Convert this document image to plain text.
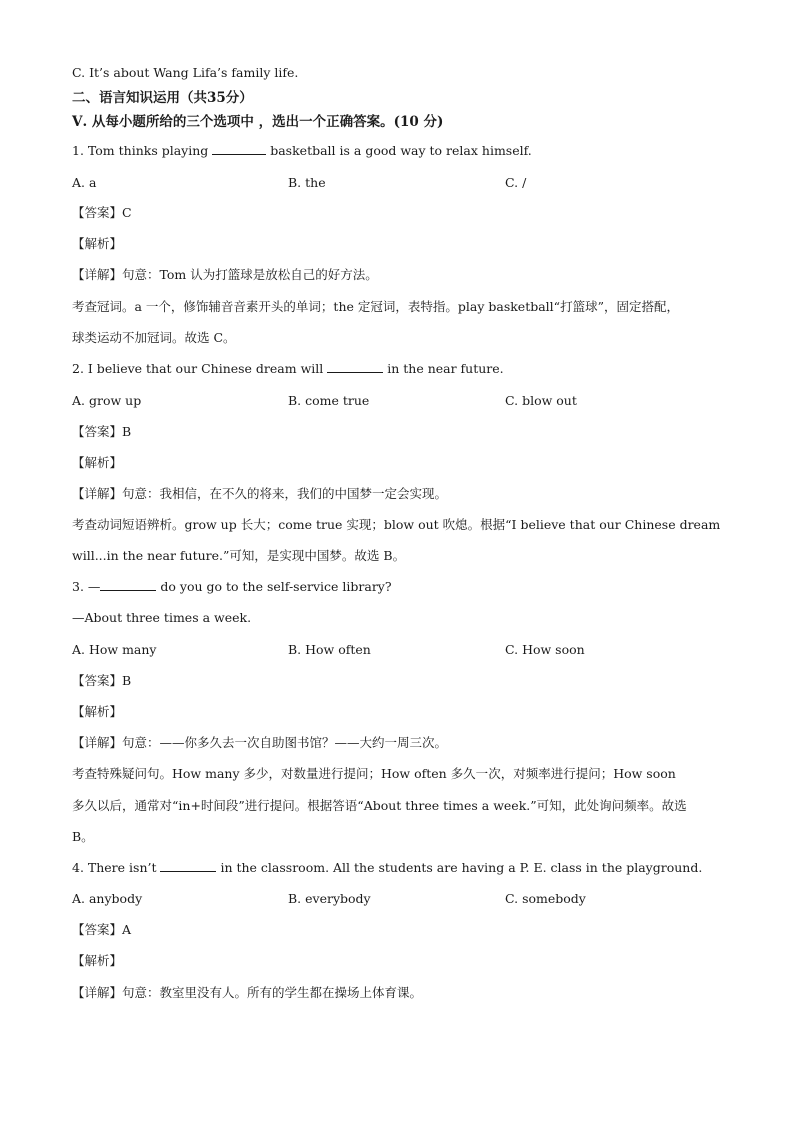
C. It’s about Wang Lifa’s family life.
二、语言知识运用（共35分）
Ⅴ. 从每小题所给的三个选项中 ，选出一个正确答案。(10 分)
1. Tom thinks playing	basketball is a good way to relax himself.
A. a	B. the	C. /
【答案】C
【解析】
【详解】句意：Tom 认为打篮球是放松自己的好方法。
考查冠词。a 一个，修饰辅音音素开头的单词；the 定冠词，表特指。play basketball“打篮球”，固定搭配，
球类运动不加冠词。故选 C。
2. I believe that our Chinese dream will	in the near future.
A. grow up	B. come true	C. blow out
【答案】B
【解析】
【详解】句意：我相信，在不久的将来，我们的中国梦一定会实现。
考查动词短语辨析。grow up 长大；come true 实现；blow out 吹熄。根据“I believe that our Chinese dream
will...in the near future.”可知，是实现中国梦。故选 B。
3. —	do you go to the self-service library?
—About three times a week.
A. How many	B. How often	C. How soon
【答案】B
【解析】
【详解】句意：——你多久去一次自助图书馆？——大约一周三次。
考查特殊疑问句。How many 多少，对数量进行提问；How often 多久一次，对频率进行提问；How soon
多久以后，通常对“in+时间段”进行提问。根据答语“About three times a week.”可知，此处询问频率。故选
B。
4. There isn’t	in the classroom. All the students are having a P. E. class in the playground.
A. anybody	B. everybody	C. somebody
【答案】A
【解析】
【详解】句意：教室里没有人。所有的学生都在操场上体育课。
